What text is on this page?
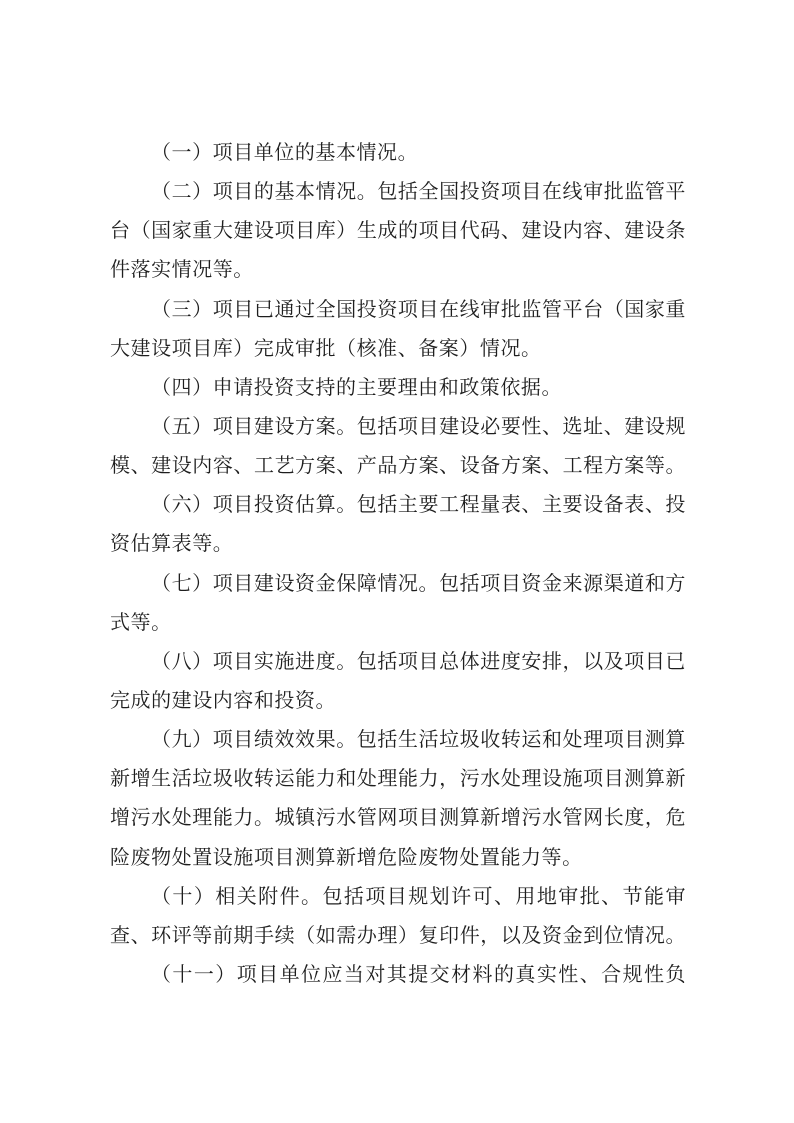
（一）项目单位的基本情况。
（二）项目的基本情况。包括全国投资项目在线审批监管平
台（国家重大建设项目库）生成的项目代码、建设内容、建设条
件落实情况等。
（三）项目已通过全国投资项目在线审批监管平台（国家重
大建设项目库）完成审批（核准、备案）情况。
（四）申请投资支持的主要理由和政策依据。
（五）项目建设方案。包括项目建设必要性、选址、建设规
模、建设内容、工艺方案、产品方案、设备方案、工程方案等。
（六）项目投资估算。包括主要工程量表、主要设备表、投
资估算表等。
（七）项目建设资金保障情况。包括项目资金来源渠道和方
式等。
（八）项目实施进度。包括项目总体进度安排，以及项目已
完成的建设内容和投资。
（九）项目绩效效果。包括生活垃圾收转运和处理项目测算
新增生活垃圾收转运能力和处理能力，污水处理设施项目测算新
增污水处理能力。城镇污水管网项目测算新增污水管网长度，危
险废物处置设施项目测算新增危险废物处置能力等。
（十）相关附件。包括项目规划许可、用地审批、节能审
查、环评等前期手续（如需办理）复印件，以及资金到位情况。
（十一）项目单位应当对其提交材料的真实性、合规性负
